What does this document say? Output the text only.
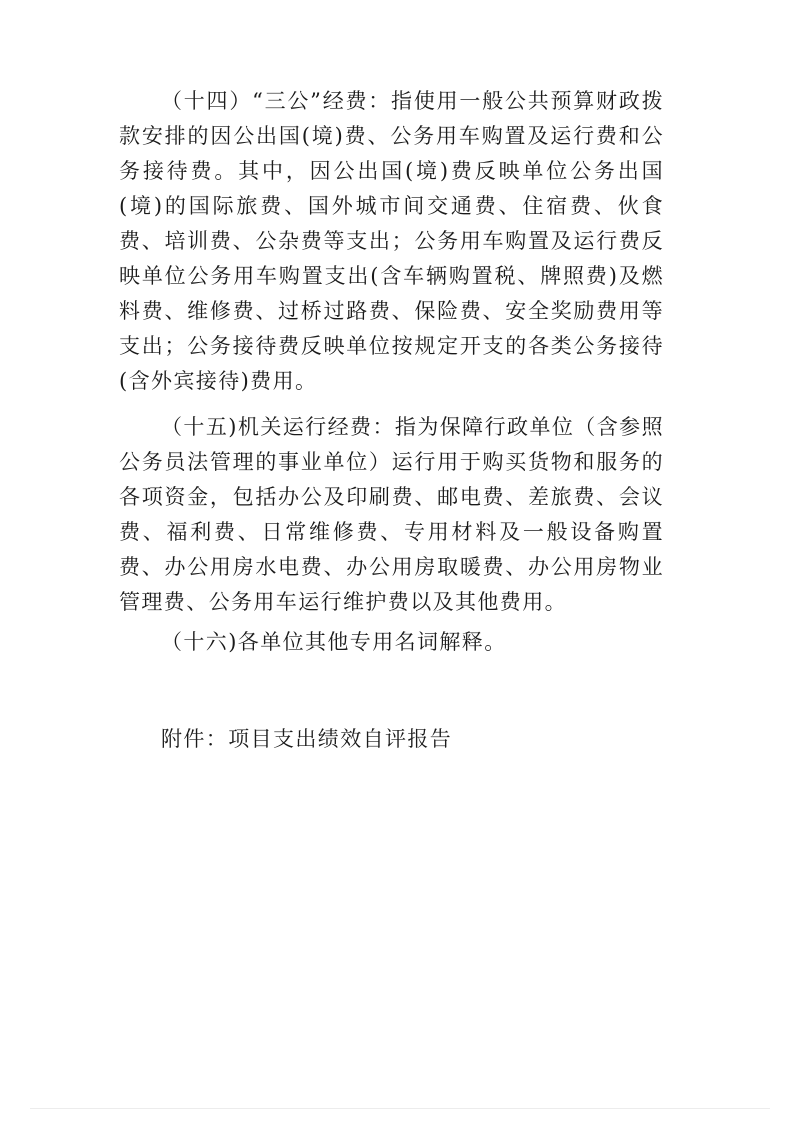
（十四）“三公”经费：指使用一般公共预算财政拨款安排的因公出国(境)费、公务用车购置及运行费和公务接待费。其中，因公出国(境)费反映单位公务出国(境)的国际旅费、国外城市间交通费、住宿费、伙食费、培训费、公杂费等支出；公务用车购置及运行费反映单位公务用车购置支出(含车辆购置税、牌照费)及燃料费、维修费、过桥过路费、保险费、安全奖励费用等支出；公务接待费反映单位按规定开支的各类公务接待(含外宾接待)费用。

（十五)机关运行经费：指为保障行政单位（含参照公务员法管理的事业单位）运行用于购买货物和服务的各项资金，包括办公及印刷费、邮电费、差旅费、会议费、福利费、日常维修费、专用材料及一般设备购置费、办公用房水电费、办公用房取暖费、办公用房物业管理费、公务用车运行维护费以及其他费用。

（十六)各单位其他专用名词解释。

附件：项目支出绩效自评报告
